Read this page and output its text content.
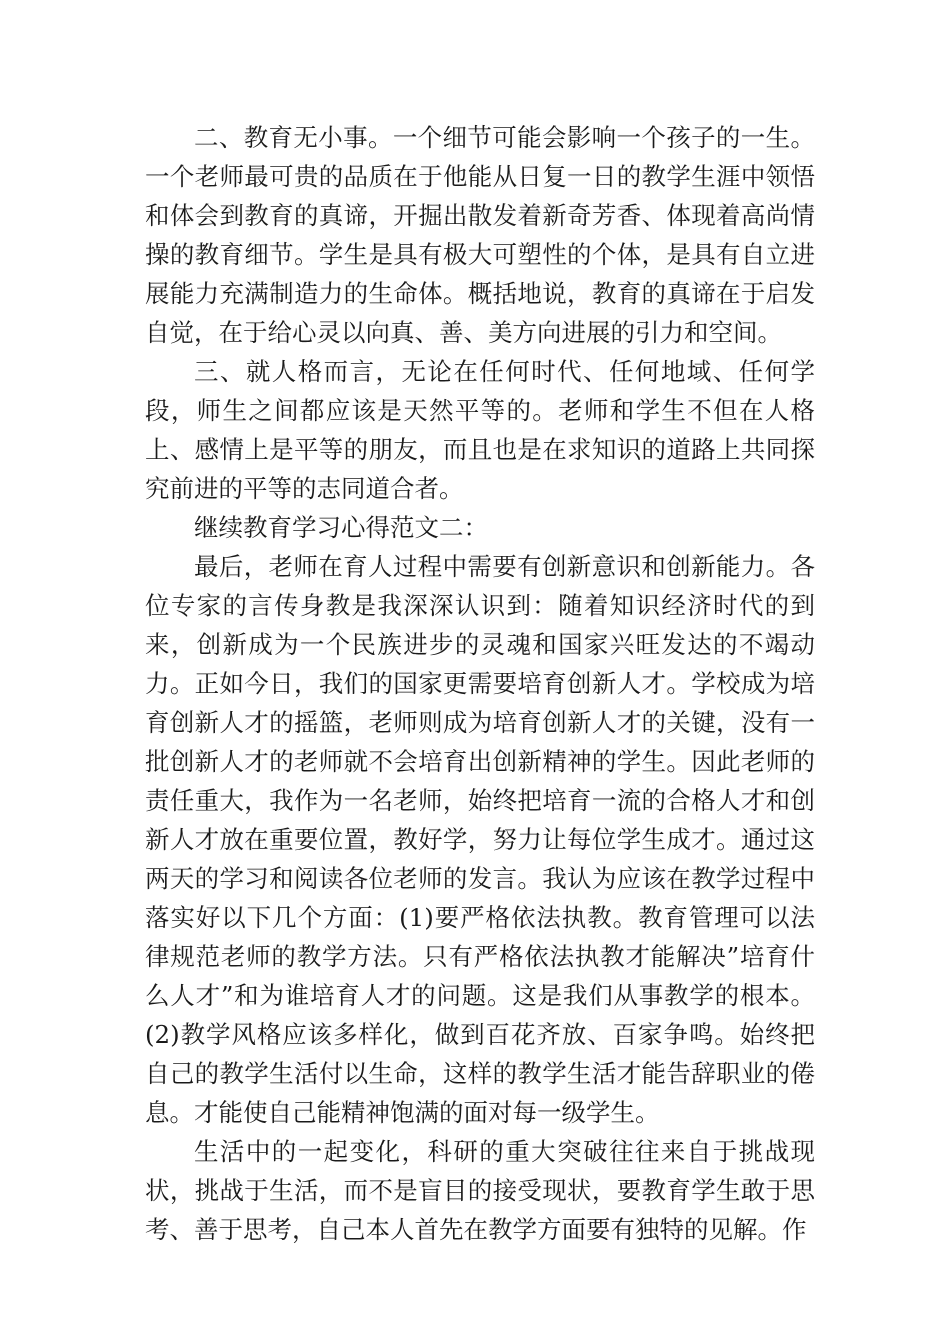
二、教育无小事。一个细节可能会影响一个孩子的一生。一个老师最可贵的品质在于他能从日复一日的教学生涯中领悟和体会到教育的真谛，开掘出散发着新奇芳香、体现着高尚情操的教育细节。学生是具有极大可塑性的个体，是具有自立进展能力充满制造力的生命体。概括地说，教育的真谛在于启发自觉，在于给心灵以向真、善、美方向进展的引力和空间。

三、就人格而言，无论在任何时代、任何地域、任何学段，师生之间都应该是天然平等的。老师和学生不但在人格上、感情上是平等的朋友，而且也是在求知识的道路上共同探究前进的平等的志同道合者。

继续教育学习心得范文二：

最后，老师在育人过程中需要有创新意识和创新能力。各位专家的言传身教是我深深认识到：随着知识经济时代的到来，创新成为一个民族进步的灵魂和国家兴旺发达的不竭动力。正如今日，我们的国家更需要培育创新人才。学校成为培育创新人才的摇篮，老师则成为培育创新人才的关键，没有一批创新人才的老师就不会培育出创新精神的学生。因此老师的责任重大，我作为一名老师，始终把培育一流的合格人才和创新人才放在重要位置，教好学，努力让每位学生成才。通过这两天的学习和阅读各位老师的发言。我认为应该在教学过程中落实好以下几个方面：(1)要严格依法执教。教育管理可以法律规范老师的教学方法。只有严格依法执教才能解决”培育什么人才”和为谁培育人才的问题。这是我们从事教学的根本。(2)教学风格应该多样化，做到百花齐放、百家争鸣。始终把自己的教学生活付以生命，这样的教学生活才能告辞职业的倦息。才能使自己能精神饱满的面对每一级学生。

生活中的一起变化，科研的重大突破往往来自于挑战现状，挑战于生活，而不是盲目的接受现状，要教育学生敢于思考、善于思考，自己本人首先在教学方面要有独特的见解。作
